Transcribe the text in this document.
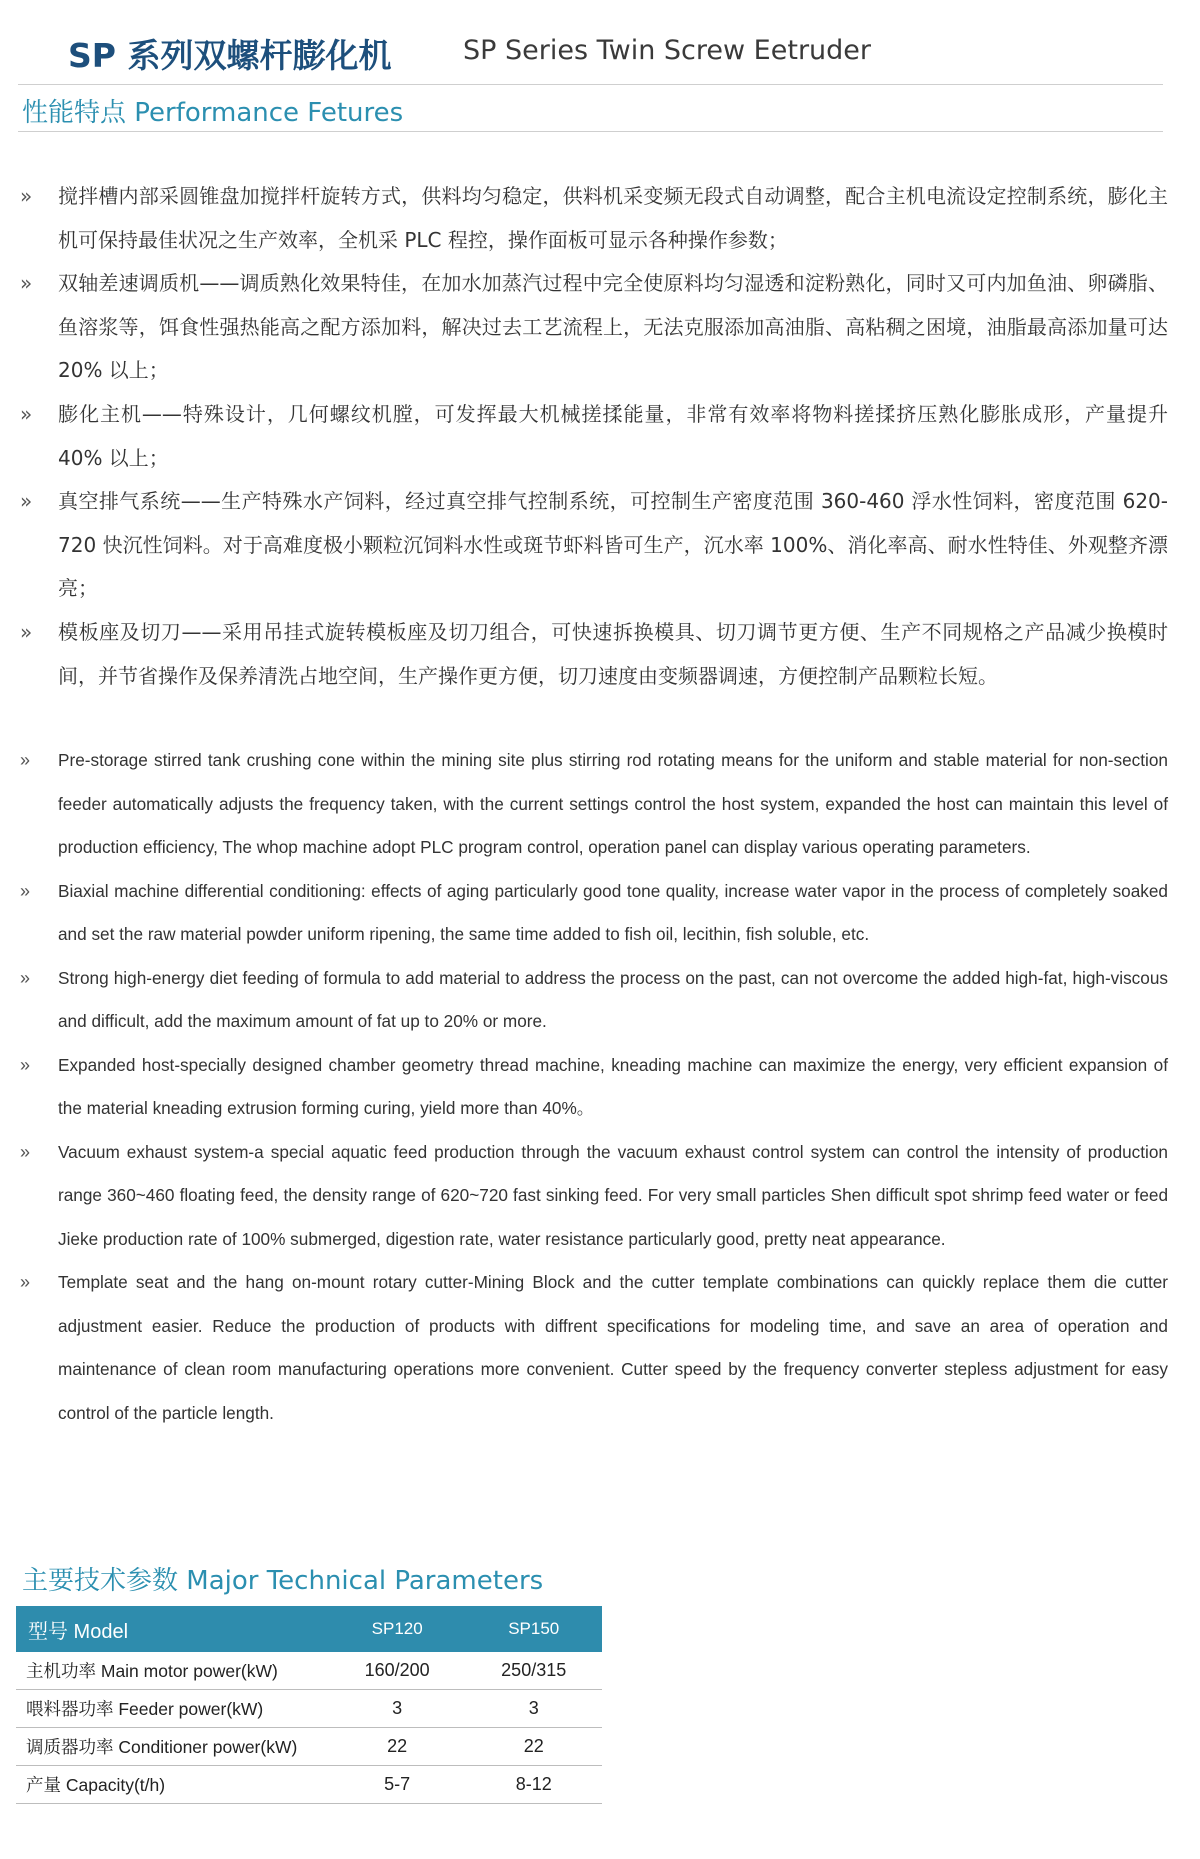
SP 系列双螺杆膨化机	SP Series Twin Screw Eetruder
性能特点 Performance Fetures
» 搅拌槽内部采圆锥盘加搅拌杆旋转方式，供料均匀稳定，供料机采变频无段式自动调整，配合主机电流设定控制系统，膨化主机可保持最佳状况之生产效率，全机采 PLC 程控，操作面板可显示各种操作参数；
» 双轴差速调质机——调质熟化效果特佳，在加水加蒸汽过程中完全使原料均匀湿透和淀粉熟化，同时又可内加鱼油、卵磷脂、鱼溶浆等，饵食性强热能高之配方添加料，解决过去工艺流程上，无法克服添加高油脂、高粘稠之困境，油脂最高添加量可达 20% 以上；
» 膨化主机——特殊设计，几何螺纹机膛，可发挥最大机械搓揉能量，非常有效率将物料搓揉挤压熟化膨胀成形，产量提升 40% 以上；
» 真空排气系统——生产特殊水产饲料，经过真空排气控制系统，可控制生产密度范围 360-460 浮水性饲料，密度范围 620-720 快沉性饲料。对于高难度极小颗粒沉饲料水性或斑节虾料皆可生产，沉水率 100%、消化率高、耐水性特佳、外观整齐漂亮；
» 模板座及切刀——采用吊挂式旋转模板座及切刀组合，可快速拆换模具、切刀调节更方便、生产不同规格之产品减少换模时间，并节省操作及保养清洗占地空间，生产操作更方便，切刀速度由变频器调速，方便控制产品颗粒长短。
» Pre-storage stirred tank crushing cone within the mining site plus stirring rod rotating means for the uniform and stable material for non-section feeder automatically adjusts the frequency taken, with the current settings control the host system, expanded the host can maintain this level of production efficiency, The whop machine adopt PLC program control, operation panel can display various operating parameters.
» Biaxial machine differential conditioning: effects of aging particularly good tone quality, increase water vapor in the process of completely soaked and set the raw material powder uniform ripening, the same time added to fish oil, lecithin, fish soluble, etc.
» Strong high-energy diet feeding of formula to add material to address the process on the past, can not overcome the added high-fat, high-viscous and difficult, add the maximum amount of fat up to 20% or more.
» Expanded host-specially designed chamber geometry thread machine, kneading machine can maximize the energy, very efficient expansion of the material kneading extrusion forming curing, yield more than 40%。
» Vacuum exhaust system-a special aquatic feed production through the vacuum exhaust control system can control the intensity of production range 360~460 floating feed, the density range of 620~720 fast sinking feed. For very small particles Shen difficult spot shrimp feed water or feed Jieke production rate of 100% submerged, digestion rate, water resistance particularly good, pretty neat appearance.
» Template seat and the hang on-mount rotary cutter-Mining Block and the cutter template combinations can quickly replace them die cutter adjustment easier. Reduce the production of products with diffrent specifications for modeling time, and save an area of operation and maintenance of clean room manufacturing operations more convenient. Cutter speed by the frequency converter stepless adjustment for easy control of the particle length.
主要技术参数 Major Technical Parameters
型号 Model	SP120	SP150
主机功率 Main motor power(kW)	160/200	250/315
喂料器功率 Feeder power(kW)	3	3
调质器功率 Conditioner power(kW)	22	22
产量 Capacity(t/h)	5-7	8-12
